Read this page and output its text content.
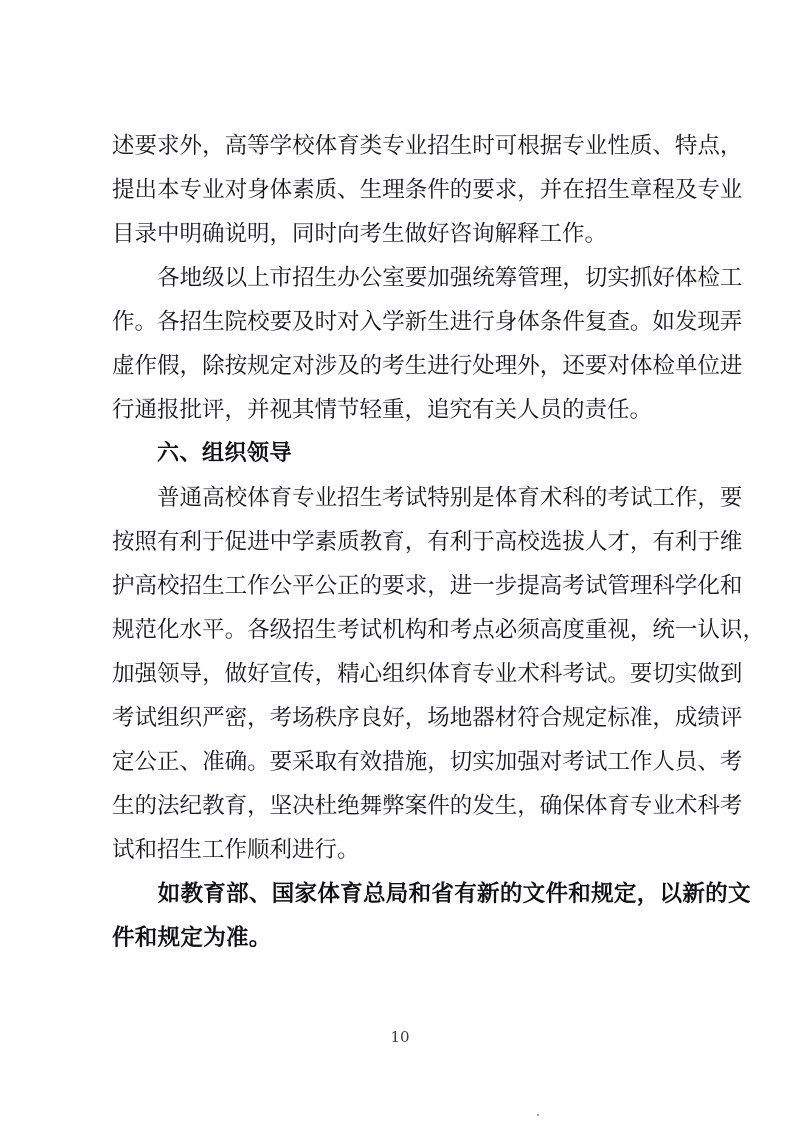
述 要 求 外 ， 高 等 学 校 体 育 类 专 业 招 生 时 可 根 据 专 业 性 质 、 特 点 ，
提 出 本 专 业 对 身 体 素 质 、 生 理 条 件 的 要 求 ， 并 在 招 生 章 程 及 专 业
目录中明确说明，同时向考生做好咨询解释工作。

各 地 级 以 上 市 招 生 办 公 室 要 加 强 统 筹 管 理 ， 切 实 抓 好 体 检 工
作 。 各 招 生 院 校 要 及 时 对 入 学 新 生 进 行 身 体 条 件 复 查 。 如 发 现 弄
虚 作 假 ， 除 按 规 定 对 涉 及 的 考 生 进 行 处 理 外 ， 还 要 对 体 检 单 位 进
行通报批评，并视其情节轻重，追究有关人员的责任。
六、组织领导

普 通 高 校 体 育 专 业 招 生 考 试 特 别 是 体 育 术 科 的 考 试 工 作 ， 要
按 照 有 利 于 促 进 中 学 素 质 教 育 ， 有 利 于 高 校 选 拔 人 才 ， 有 利 于 维
护 高 校 招 生 工 作 公 平 公 正 的 要 求 ， 进 一 步 提 高 考 试 管 理 科 学 化 和
规 范 化 水 平 。 各 级 招 生 考 试 机 构 和 考 点 必 须 高 度 重 视 ， 统 一 认 识 ，
加 强 领 导 ， 做 好 宣 传 ， 精 心 组 织 体 育 专 业 术 科 考 试 。 要 切 实 做 到
考 试 组 织 严 密 ， 考 场 秩 序 良 好 ， 场 地 器 材 符 合 规 定 标 准 ， 成 绩 评
定 公 正 、 准 确 。 要 采 取 有 效 措 施 ， 切 实 加 强 对 考 试 工 作 人 员 、 考
生 的 法 纪 教 育 ， 坚 决 杜 绝 舞 弊 案 件 的 发 生 ， 确 保 体 育 专 业 术 科 考
试和招生工作顺利进行。

如 教 育 部 、 国 家 体 育 总 局 和 省 有 新 的 文 件 和 规 定 ， 以 新 的 文
件和规定为准。
10
